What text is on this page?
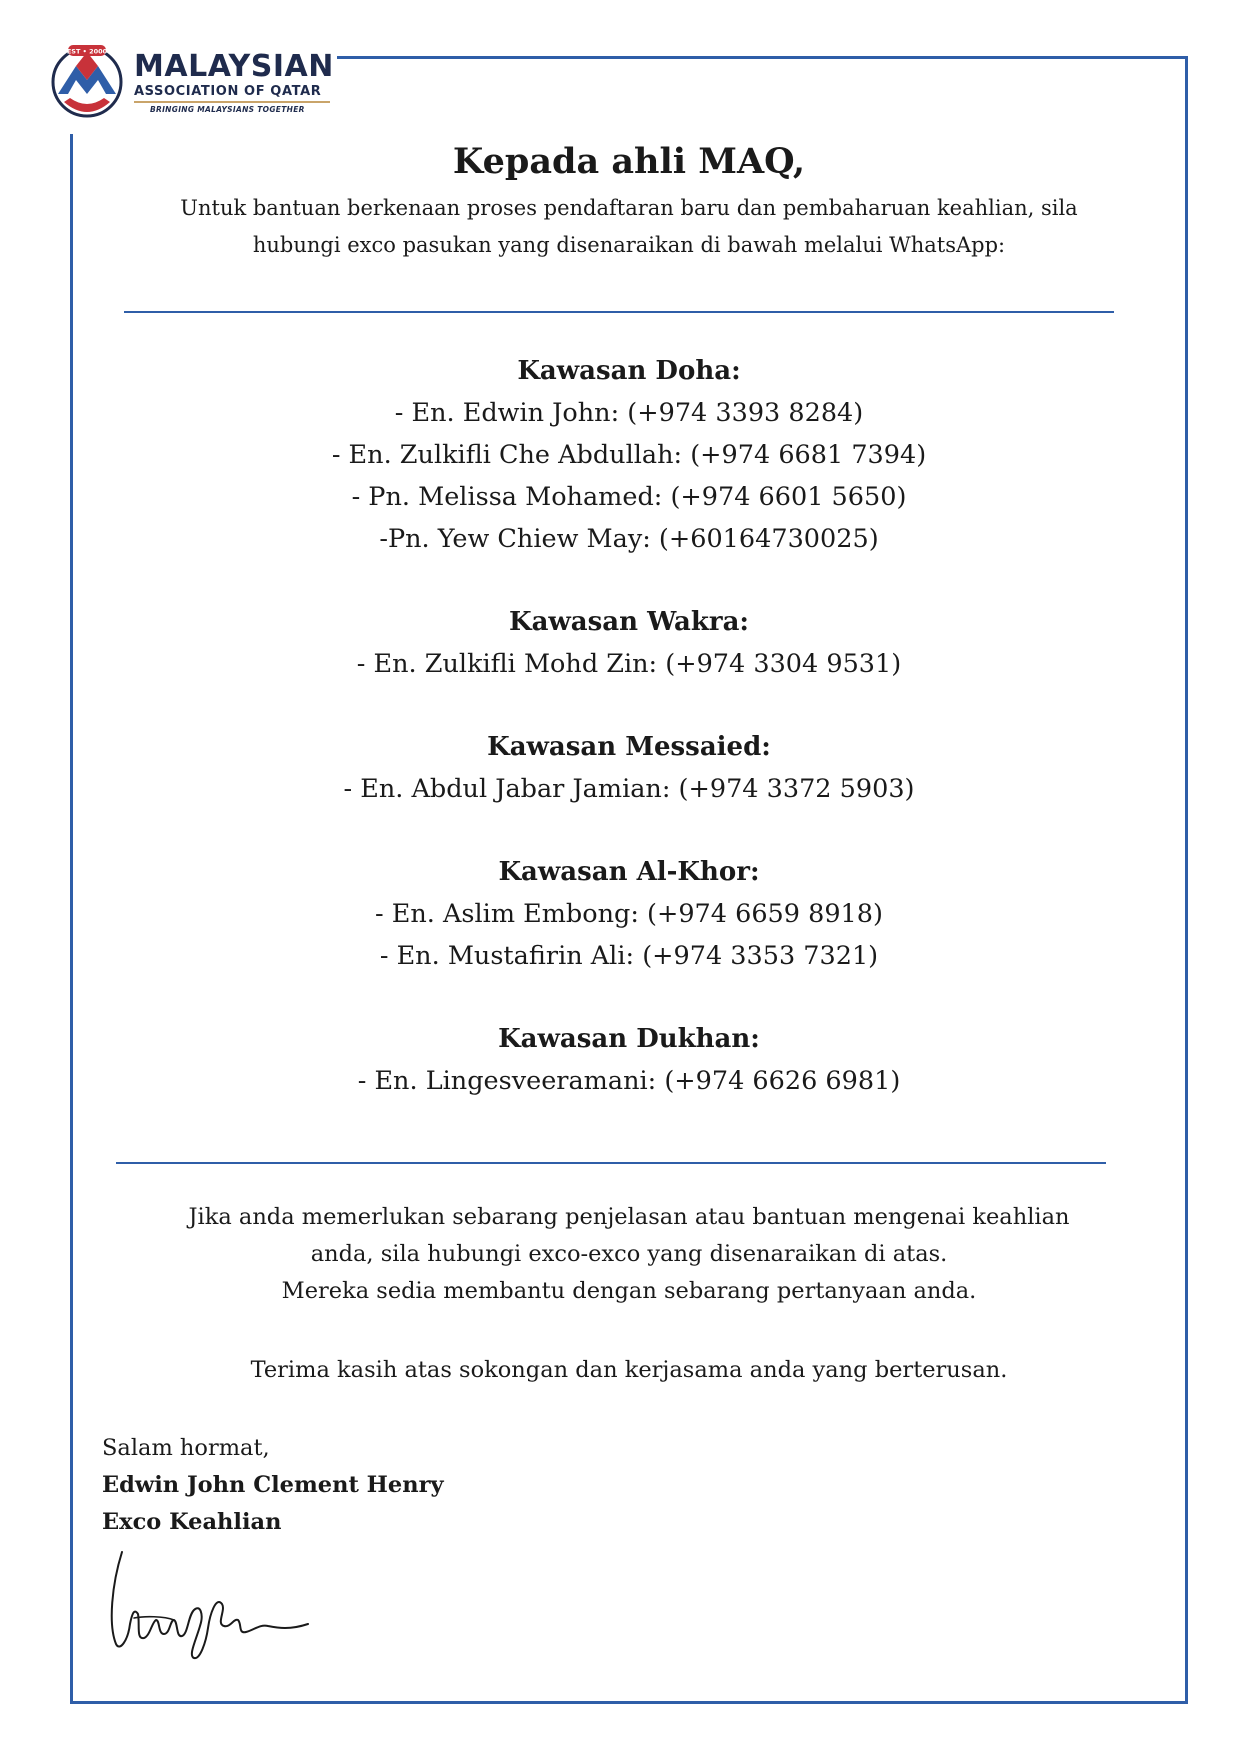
EST • 2000 MALAYSIAN
ASSOCIATION OF QATAR
BRINGING MALAYSIANS TOGETHER
Kepada ahli MAQ,
Untuk bantuan berkenaan proses pendaftaran baru dan pembaharuan keahlian, sila
hubungi exco pasukan yang disenaraikan di bawah melalui WhatsApp:
Kawasan Doha:
- En. Edwin John: (+974 3393 8284)
- En. Zulkifli Che Abdullah: (+974 6681 7394)
- Pn. Melissa Mohamed: (+974 6601 5650)
-Pn. Yew Chiew May: (+60164730025)
Kawasan Wakra:
- En. Zulkifli Mohd Zin: (+974 3304 9531)
Kawasan Messaied:
- En. Abdul Jabar Jamian: (+974 3372 5903)
Kawasan Al-Khor:
- En. Aslim Embong: (+974 6659 8918)
- En. Mustafirin Ali: (+974 3353 7321)
Kawasan Dukhan:
- En. Lingesveeramani: (+974 6626 6981)
Jika anda memerlukan sebarang penjelasan atau bantuan mengenai keahlian
anda, sila hubungi exco-exco yang disenaraikan di atas.
Mereka sedia membantu dengan sebarang pertanyaan anda.
Terima kasih atas sokongan dan kerjasama anda yang berterusan.
Salam hormat,
Edwin John Clement Henry
Exco Keahlian
